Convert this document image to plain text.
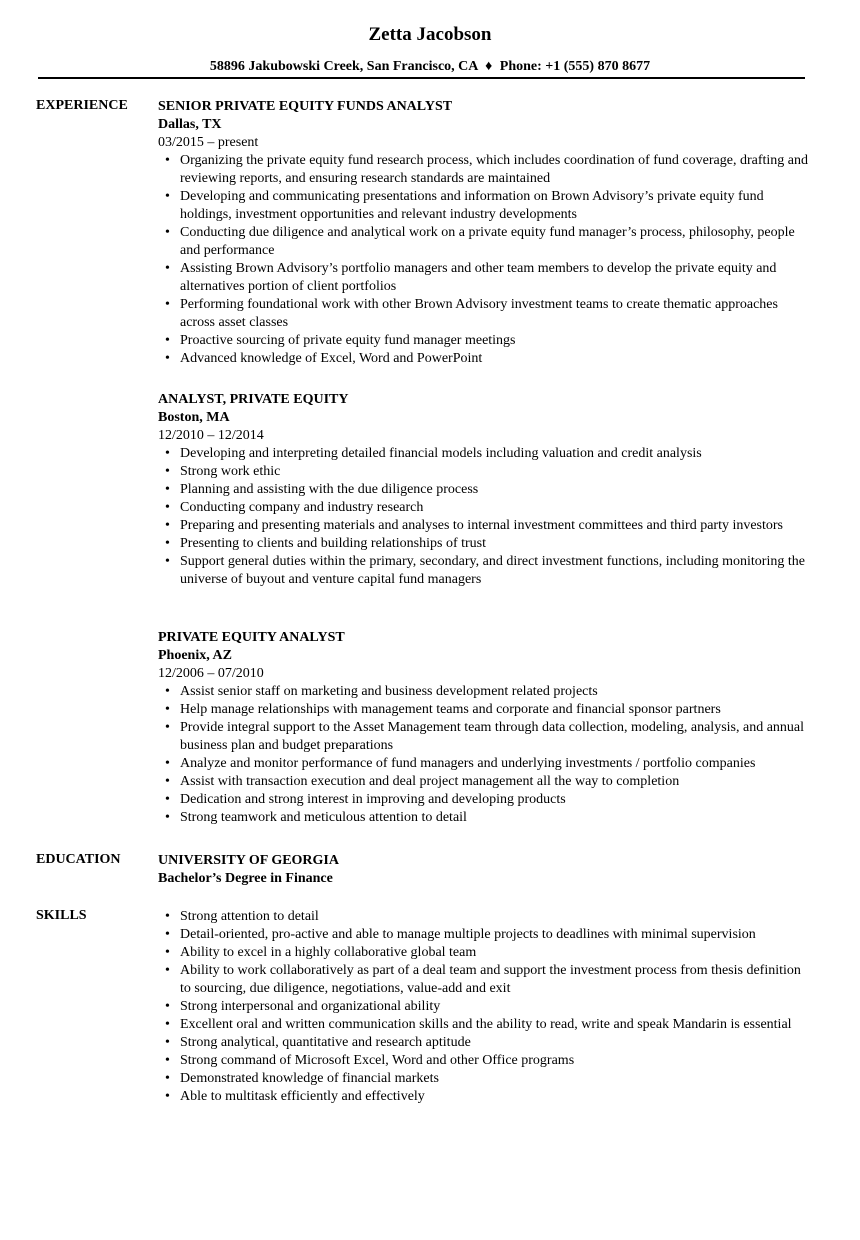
Zetta Jacobson
58896 Jakubowski Creek, San Francisco, CA ♦ Phone: +1 (555) 870 8677
EXPERIENCE SENIOR PRIVATE EQUITY FUNDS ANALYST
Dallas, TX
03/2015 – present
• Organizing the private equity fund research process, which includes coordination of fund coverage, drafting and reviewing reports, and ensuring research standards are maintained
• Developing and communicating presentations and information on Brown Advisory’s private equity fund holdings, investment opportunities and relevant industry developments
• Conducting due diligence and analytical work on a private equity fund manager’s process, philosophy, people and performance
• Assisting Brown Advisory’s portfolio managers and other team members to develop the private equity and alternatives portion of client portfolios
• Performing foundational work with other Brown Advisory investment teams to create thematic approaches across asset classes
• Proactive sourcing of private equity fund manager meetings
• Advanced knowledge of Excel, Word and PowerPoint
ANALYST, PRIVATE EQUITY
Boston, MA
12/2010 – 12/2014
• Developing and interpreting detailed financial models including valuation and credit analysis
• Strong work ethic
• Planning and assisting with the due diligence process
• Conducting company and industry research
• Preparing and presenting materials and analyses to internal investment committees and third party investors
• Presenting to clients and building relationships of trust
• Support general duties within the primary, secondary, and direct investment functions, including monitoring the universe of buyout and venture capital fund managers
PRIVATE EQUITY ANALYST
Phoenix, AZ
12/2006 – 07/2010
• Assist senior staff on marketing and business development related projects
• Help manage relationships with management teams and corporate and financial sponsor partners
• Provide integral support to the Asset Management team through data collection, modeling, analysis, and annual business plan and budget preparations
• Analyze and monitor performance of fund managers and underlying investments / portfolio companies
• Assist with transaction execution and deal project management all the way to completion
• Dedication and strong interest in improving and developing products
• Strong teamwork and meticulous attention to detail
EDUCATION	UNIVERSITY OF GEORGIA
Bachelor’s Degree in Finance
SKILLS
•	Strong attention to detail
• Detail-oriented, pro-active and able to manage multiple projects to deadlines with minimal supervision
• Ability to excel in a highly collaborative global team
• Ability to work collaboratively as part of a deal team and support the investment process from thesis definition to sourcing, due diligence, negotiations, value-add and exit
• Strong interpersonal and organizational ability
• Excellent oral and written communication skills and the ability to read, write and speak Mandarin is essential
• Strong analytical, quantitative and research aptitude
• Strong command of Microsoft Excel, Word and other Office programs
• Demonstrated knowledge of financial markets
• Able to multitask efficiently and effectively
